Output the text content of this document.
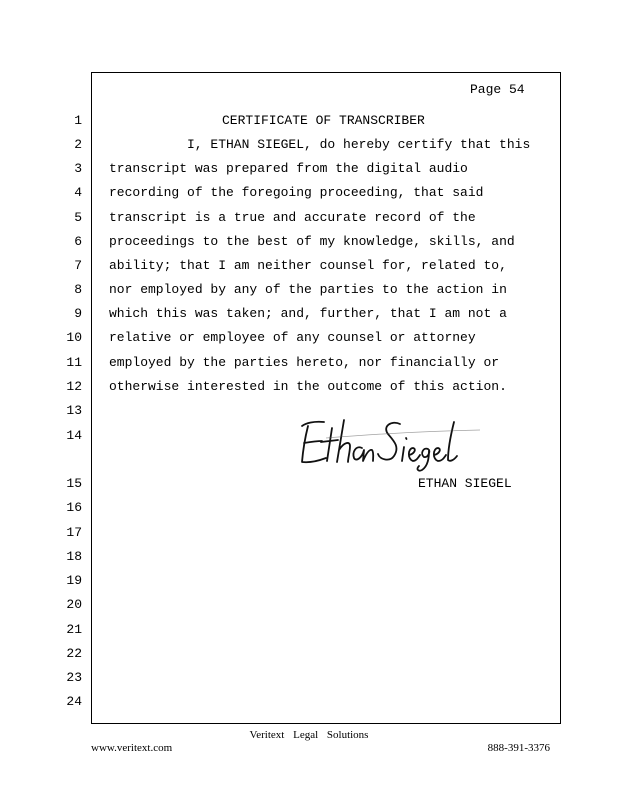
Page 54
1
2
3
4
5
6
7
8
9
10
11
12
13
14
15
16
17
18
19
20
21
22
23
24
CERTIFICATE OF TRANSCRIBER
I, ETHAN SIEGEL, do hereby certify that this
transcript was prepared from the digital audio
recording of the foregoing proceeding, that said
transcript is a true and accurate record of the
proceedings to the best of my knowledge, skills, and
ability; that I am neither counsel for, related to,
nor employed by any of the parties to the action in
which this was taken; and, further, that I am not a
relative or employee of any counsel or attorney
employed by the parties hereto, nor financially or
otherwise interested in the outcome of this action.
ETHAN SIEGEL
Veritext Legal Solutions
www.veritext.com	888-391-3376
